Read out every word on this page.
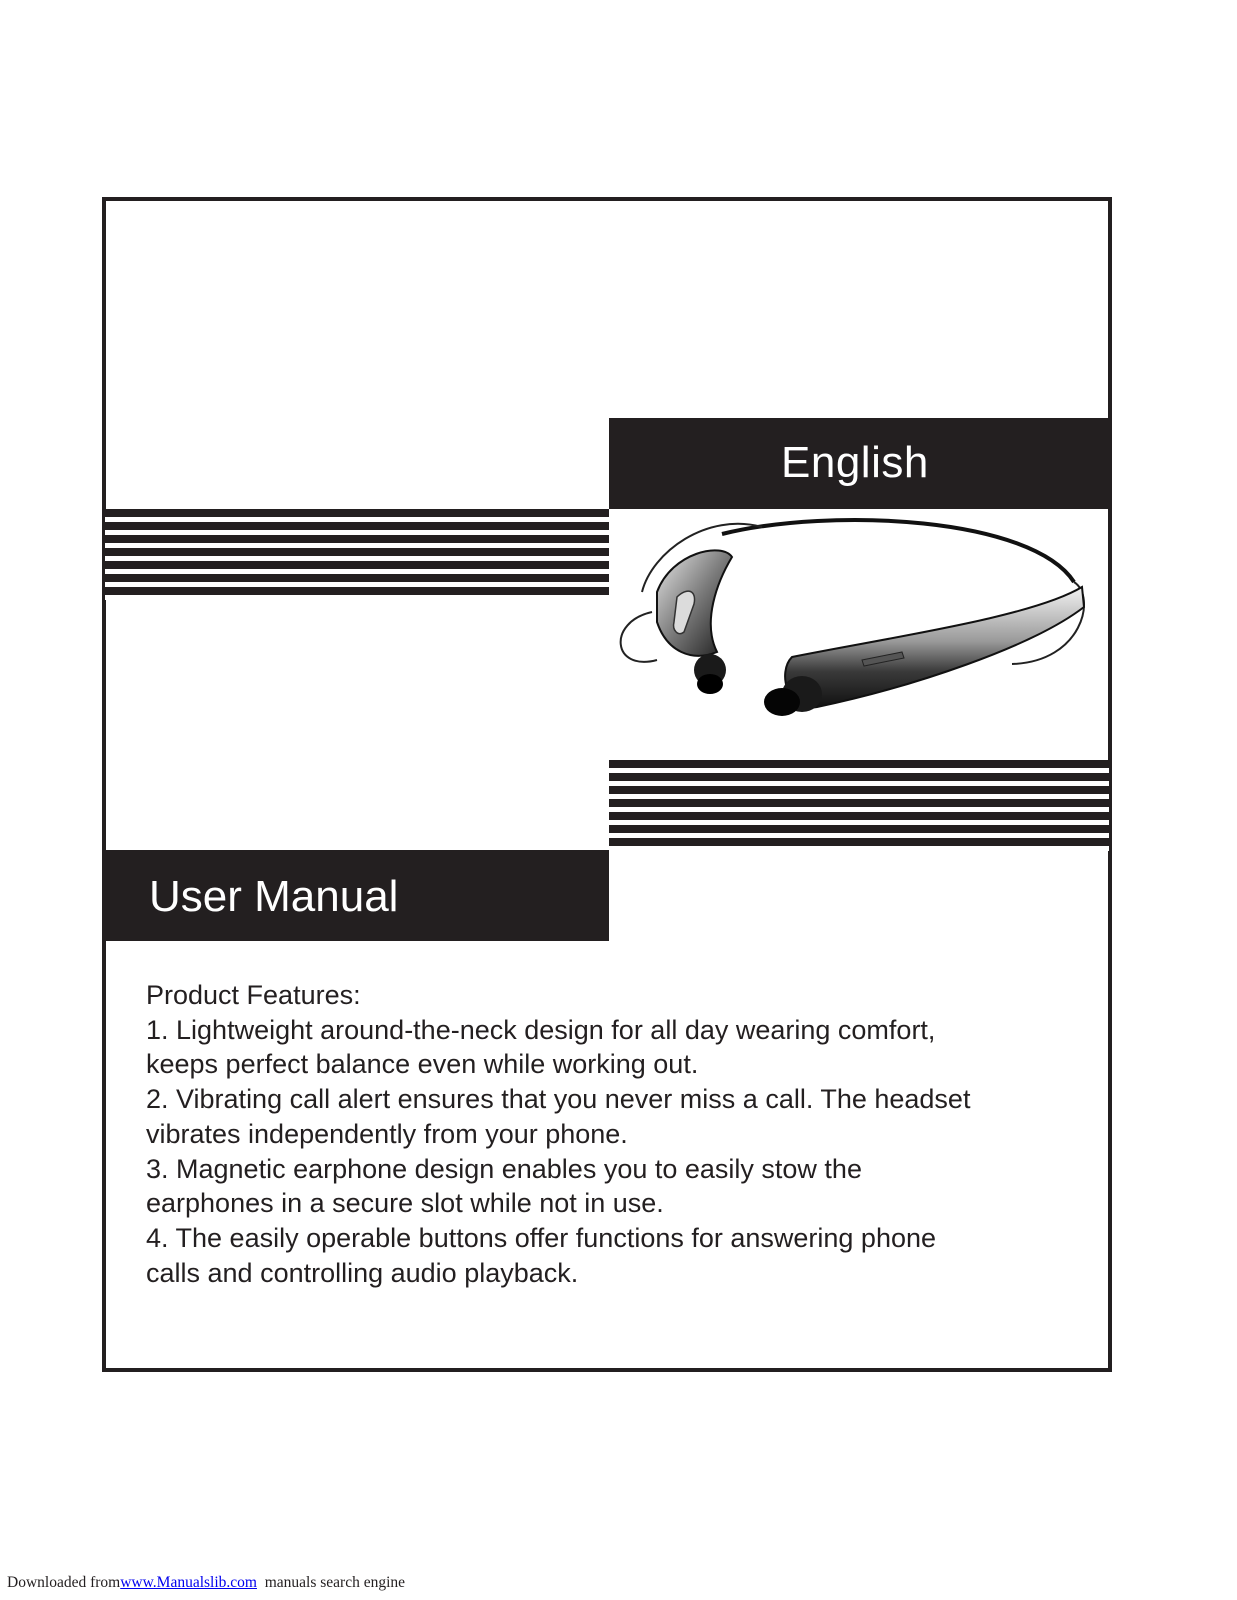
English
User Manual

Product Features:

1. Lightweight around-the-neck design for all day wearing comfort,

keeps perfect balance even while working out.

2. Vibrating call alert ensures that you never miss a call. The headset

vibrates independently from your phone.

3. Magnetic earphone design enables you to easily stow the

earphones in a secure slot while not in use.

4. The easily operable buttons offer functions for answering phone

calls and controlling audio playback.

Downloaded fromwww.Manualslib.com manuals search engine
